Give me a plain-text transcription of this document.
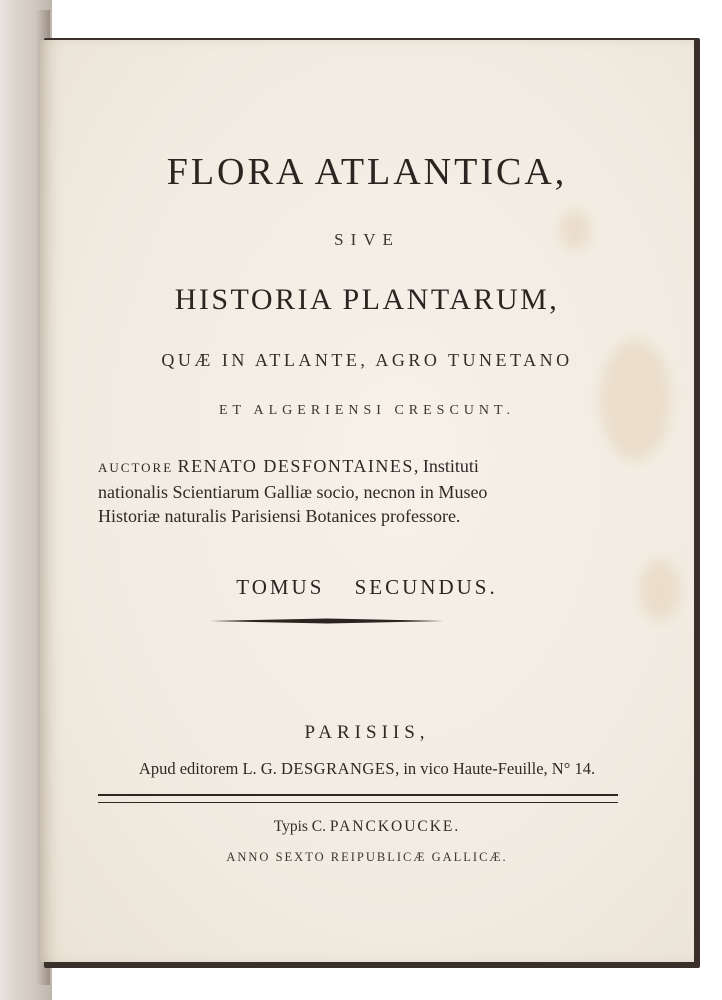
FLORA ATLANTICA,
SIVE
HISTORIA PLANTARUM,
QUÆ IN ATLANTE, AGRO TUNETANO
ET ALGERIENSI CRESCUNT.
AUCTORE RENATO DESFONTAINES, Instituti
nationalis Scientiarum Galliæ socio, necnon in Museo
Historiæ naturalis Parisiensi Botanices professore.
TOMUS SECUNDUS.
PARISIIS,
Apud editorem L. G. DESGRANGES, in vico Haute-Feuille, N° 14.
Typis C. PANCKOUCKE.
ANNO SEXTO REIPUBLICÆ GALLICÆ.
